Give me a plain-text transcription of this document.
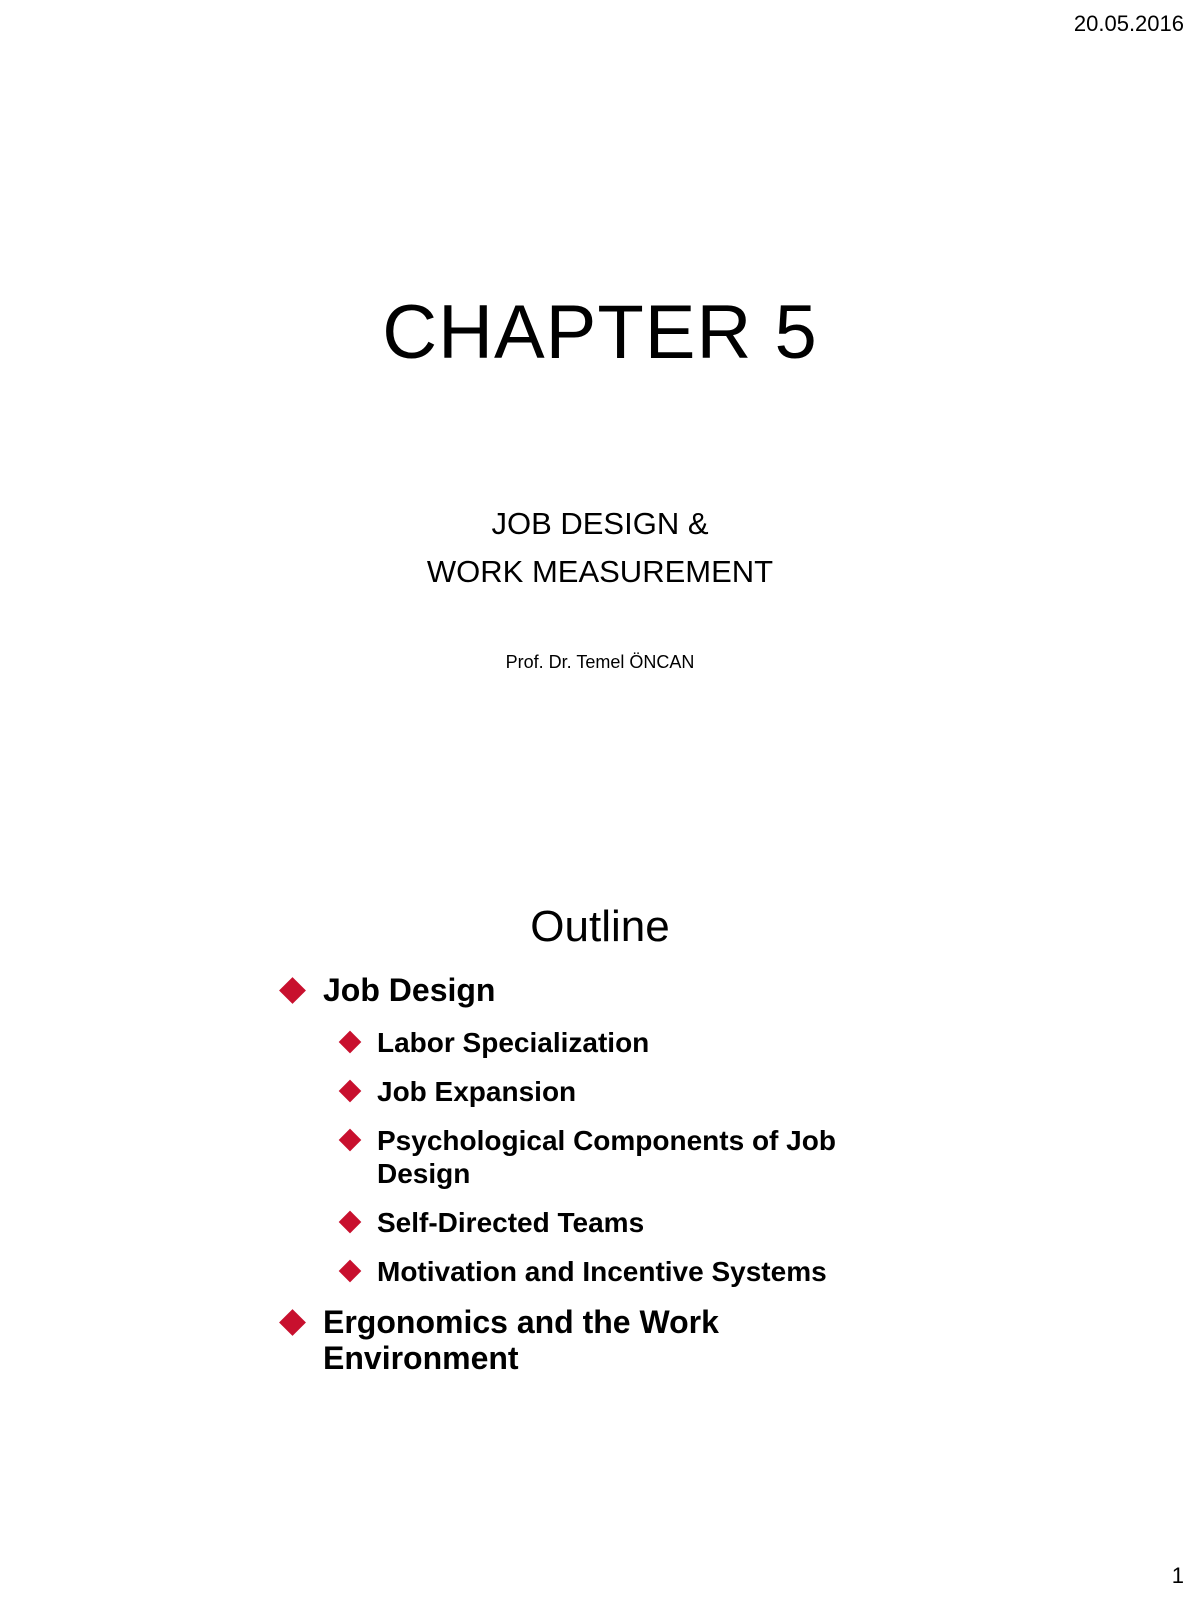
20.05.2016
CHAPTER 5
JOB DESIGN &
WORK MEASUREMENT
Prof. Dr. Temel ÖNCAN
Outline
Job Design
Labor Specialization
Job Expansion
Psychological Components of Job Design
Self-Directed Teams
Motivation and Incentive Systems
Ergonomics and the Work Environment
1
